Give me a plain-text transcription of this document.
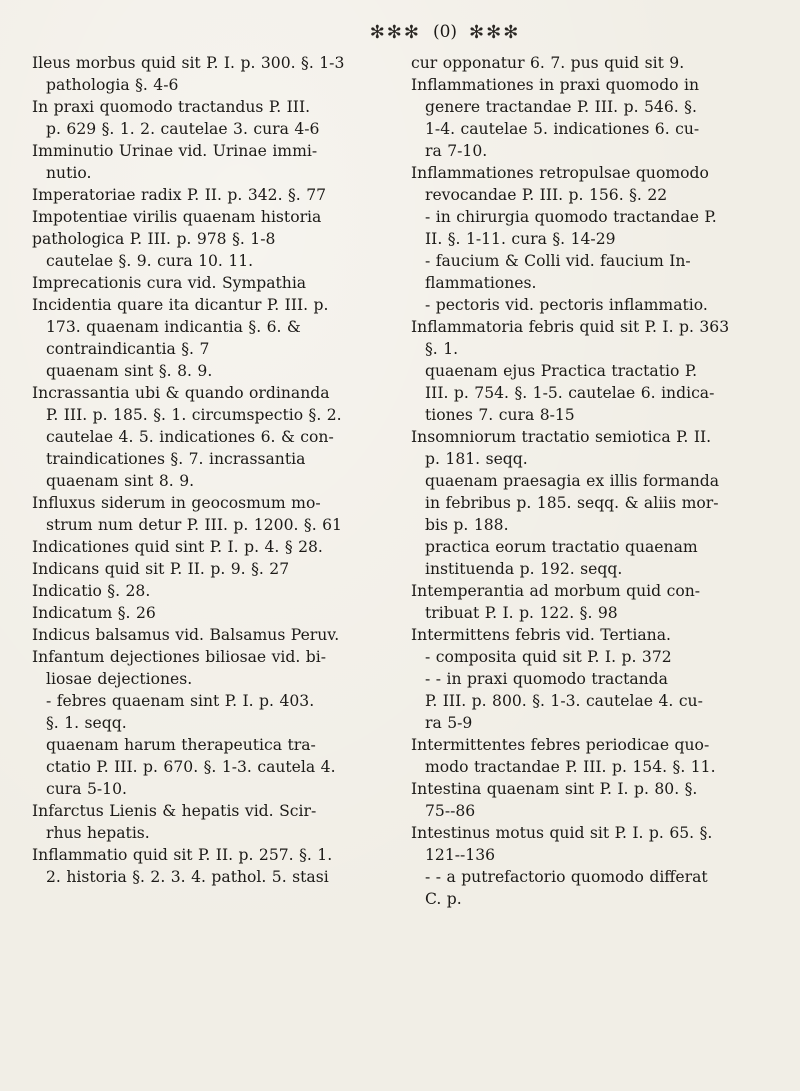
✻✻✻ (0) ✻✻✻

Ileus morbus quid sit P. I. p. 300. §. 1-3

pathologia §. 4-6

In praxi quomodo tractandus P. III.

p. 629 §. 1. 2. cautelae 3. cura 4-6

Imminutio Urinae vid. Urinae immi-

nutio.

Imperatoriae radix P. II. p. 342. §. 77

Impotentiae virilis quaenam historia

pathologica P. III. p. 978 §. 1-8

cautelae §. 9. cura 10. 11.

Imprecationis cura vid. Sympathia

Incidentia quare ita dicantur P. III. p.

173. quaenam indicantia §. 6. &

contraindicantia §. 7

quaenam sint §. 8. 9.

Incrassantia ubi & quando ordinanda

P. III. p. 185. §. 1. circumspectio §. 2.

cautelae 4. 5. indicationes 6. & con-

traindicationes §. 7. incrassantia

quaenam sint 8. 9.

Influxus siderum in geocosmum mo-

strum num detur P. III. p. 1200. §. 61

Indicationes quid sint P. I. p. 4. § 28.

Indicans quid sit P. II. p. 9. §. 27

Indicatio §. 28.

Indicatum §. 26

Indicus balsamus vid. Balsamus Peruv.

Infantum dejectiones biliosae vid. bi-

liosae dejectiones.

- febres quaenam sint P. I. p. 403.

§. 1. seqq.

quaenam harum therapeutica tra-

ctatio P. III. p. 670. §. 1-3. cautela 4.

cura 5-10.

Infarctus Lienis & hepatis vid. Scir-

rhus hepatis.

Inflammatio quid sit P. II. p. 257. §. 1.

2. historia §. 2. 3. 4. pathol. 5. stasi

cur opponatur 6. 7. pus quid sit 9.

Inflammationes in praxi quomodo in

genere tractandae P. III. p. 546. §.

1-4. cautelae 5. indicationes 6. cu-

ra 7-10.

Inflammationes retropulsae quomodo

revocandae P. III. p. 156. §. 22

- in chirurgia quomodo tractandae P.

II. §. 1-11. cura §. 14-29

- faucium & Colli vid. faucium In-

flammationes.

- pectoris vid. pectoris inflammatio.

Inflammatoria febris quid sit P. I. p. 363

§. 1.

quaenam ejus Practica tractatio P.

III. p. 754. §. 1-5. cautelae 6. indica-

tiones 7. cura 8-15

Insomniorum tractatio semiotica P. II.

p. 181. seqq.

quaenam praesagia ex illis formanda

in febribus p. 185. seqq. & aliis mor-

bis p. 188.

practica eorum tractatio quaenam

instituenda p. 192. seqq.

Intemperantia ad morbum quid con-

tribuat P. I. p. 122. §. 98

Intermittens febris vid. Tertiana.

- composita quid sit P. I. p. 372

- - in praxi quomodo tractanda

P. III. p. 800. §. 1-3. cautelae 4. cu-

ra 5-9

Intermittentes febres periodicae quo-

modo tractandae P. III. p. 154. §. 11.

Intestina quaenam sint P. I. p. 80. §.

75--86

Intestinus motus quid sit P. I. p. 65. §.

121--136

- - a putrefactorio quomodo differat

C. p.
